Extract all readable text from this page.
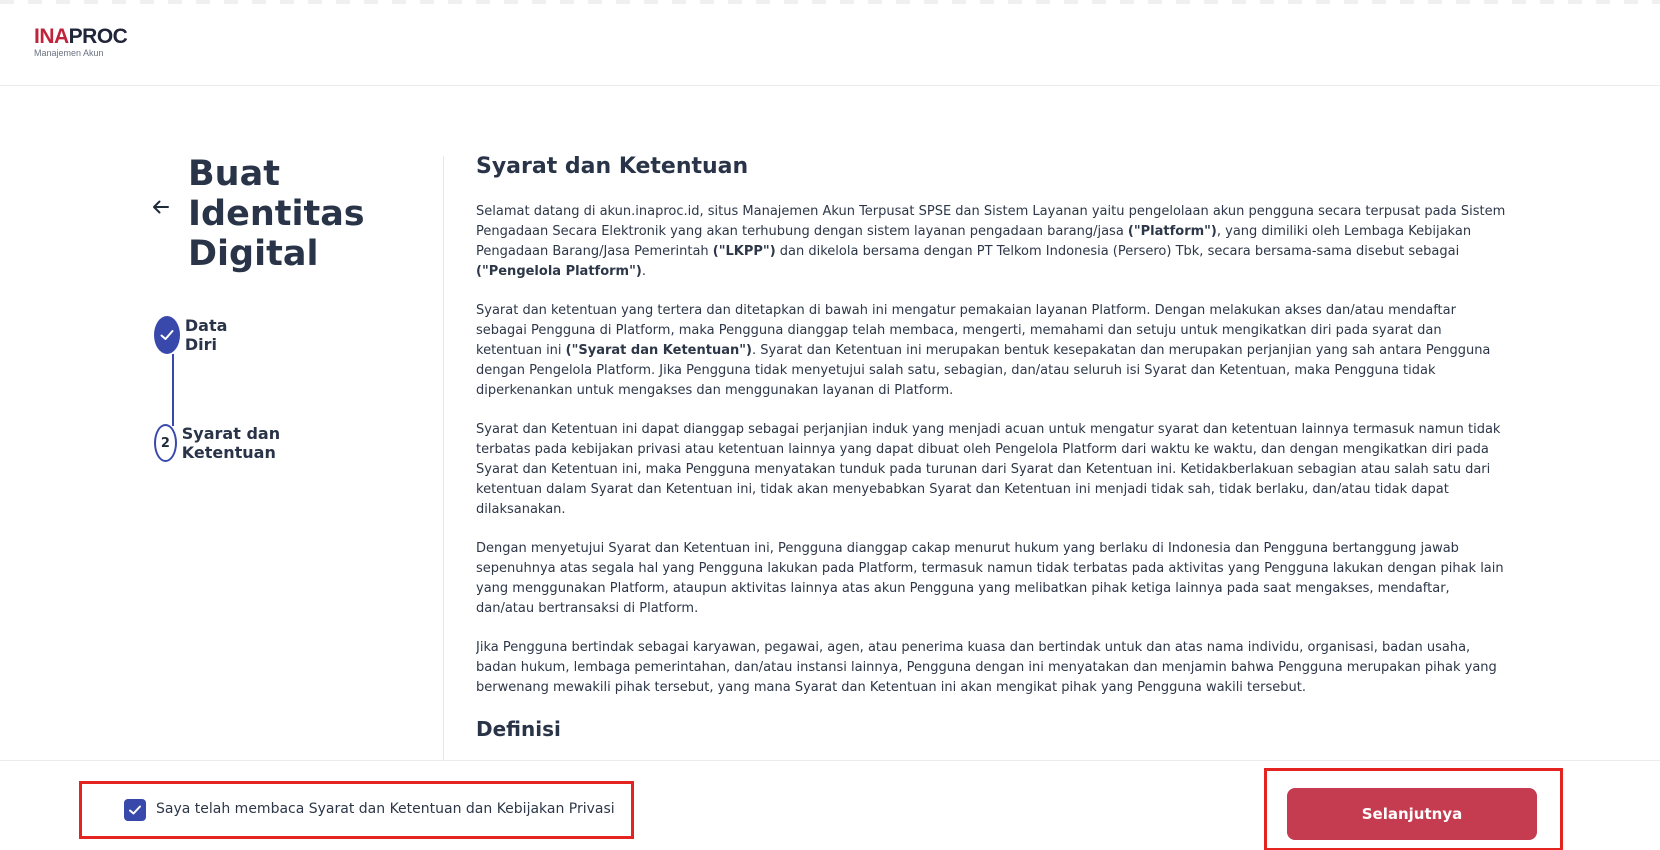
INAPROC
Manajemen Akun
Buat
Identitas
Digital
Data Diri
2 Syarat dan Ketentuan
Syarat dan Ketentuan

Selamat datang di akun.inaproc.id, situs Manajemen Akun Terpusat SPSE dan Sistem Layanan yaitu pengelolaan akun pengguna secara terpusat pada Sistem Pengadaan Secara Elektronik yang akan terhubung dengan sistem layanan pengadaan barang/jasa ("Platform"), yang dimiliki oleh Lembaga Kebijakan Pengadaan Barang/Jasa Pemerintah ("LKPP") dan dikelola bersama dengan PT Telkom Indonesia (Persero) Tbk, secara bersama-sama disebut sebagai ("Pengelola Platform").

Syarat dan ketentuan yang tertera dan ditetapkan di bawah ini mengatur pemakaian layanan Platform. Dengan melakukan akses dan/atau mendaftar sebagai Pengguna di Platform, maka Pengguna dianggap telah membaca, mengerti, memahami dan setuju untuk mengikatkan diri pada syarat dan ketentuan ini ("Syarat dan Ketentuan"). Syarat dan Ketentuan ini merupakan bentuk kesepakatan dan merupakan perjanjian yang sah antara Pengguna dengan Pengelola Platform. Jika Pengguna tidak menyetujui salah satu, sebagian, dan/atau seluruh isi Syarat dan Ketentuan, maka Pengguna tidak diperkenankan untuk mengakses dan menggunakan layanan di Platform.

Syarat dan Ketentuan ini dapat dianggap sebagai perjanjian induk yang menjadi acuan untuk mengatur syarat dan ketentuan lainnya termasuk namun tidak terbatas pada kebijakan privasi atau ketentuan lainnya yang dapat dibuat oleh Pengelola Platform dari waktu ke waktu, dan dengan mengikatkan diri pada Syarat dan Ketentuan ini, maka Pengguna menyatakan tunduk pada turunan dari Syarat dan Ketentuan ini. Ketidakberlakuan sebagian atau salah satu dari ketentuan dalam Syarat dan Ketentuan ini, tidak akan menyebabkan Syarat dan Ketentuan ini menjadi tidak sah, tidak berlaku, dan/atau tidak dapat dilaksanakan.

Dengan menyetujui Syarat dan Ketentuan ini, Pengguna dianggap cakap menurut hukum yang berlaku di Indonesia dan Pengguna bertanggung jawab sepenuhnya atas segala hal yang Pengguna lakukan pada Platform, termasuk namun tidak terbatas pada aktivitas yang Pengguna lakukan dengan pihak lain yang menggunakan Platform, ataupun aktivitas lainnya atas akun Pengguna yang melibatkan pihak ketiga lainnya pada saat mengakses, mendaftar, dan/atau bertransaksi di Platform.

Jika Pengguna bertindak sebagai karyawan, pegawai, agen, atau penerima kuasa dan bertindak untuk dan atas nama individu, organisasi, badan usaha, badan hukum, lembaga pemerintahan, dan/atau instansi lainnya, Pengguna dengan ini menyatakan dan menjamin bahwa Pengguna merupakan pihak yang berwenang mewakili pihak tersebut, yang mana Syarat dan Ketentuan ini akan mengikat pihak yang Pengguna wakili tersebut.

Definisi
Saya telah membaca Syarat dan Ketentuan dan Kebijakan Privasi	Selanjutnya
